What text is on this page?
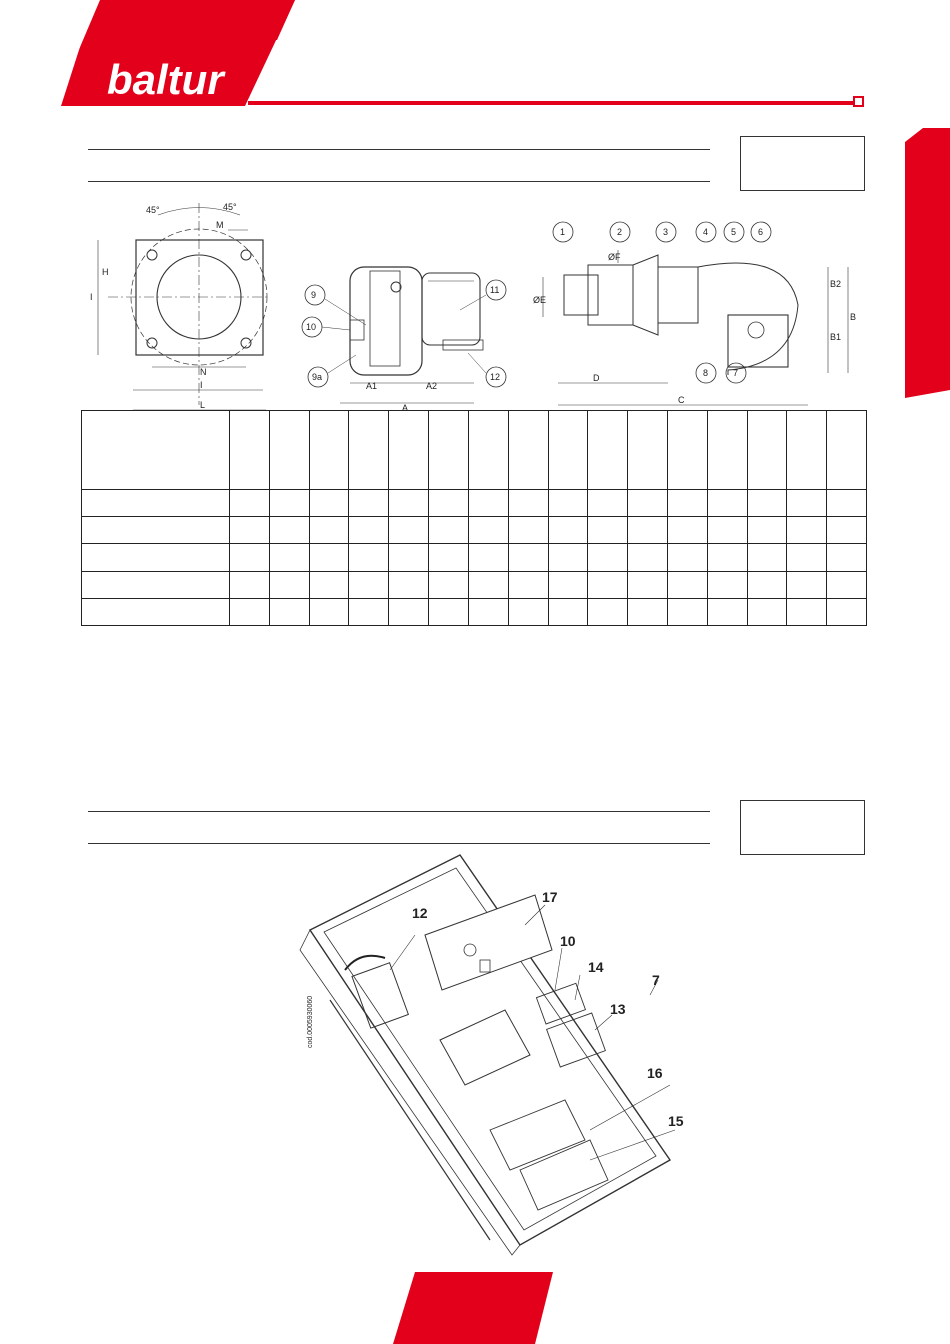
baltur
45°	45°
M
N
I
L
H
I	9
10
9a
11
12
A1	A2
A
1	2	3	4	5 6
8	7
D
C
B
B1
B2
ØE
ØF

17
12
10
14
7
13
16
15
cod.0005930060
